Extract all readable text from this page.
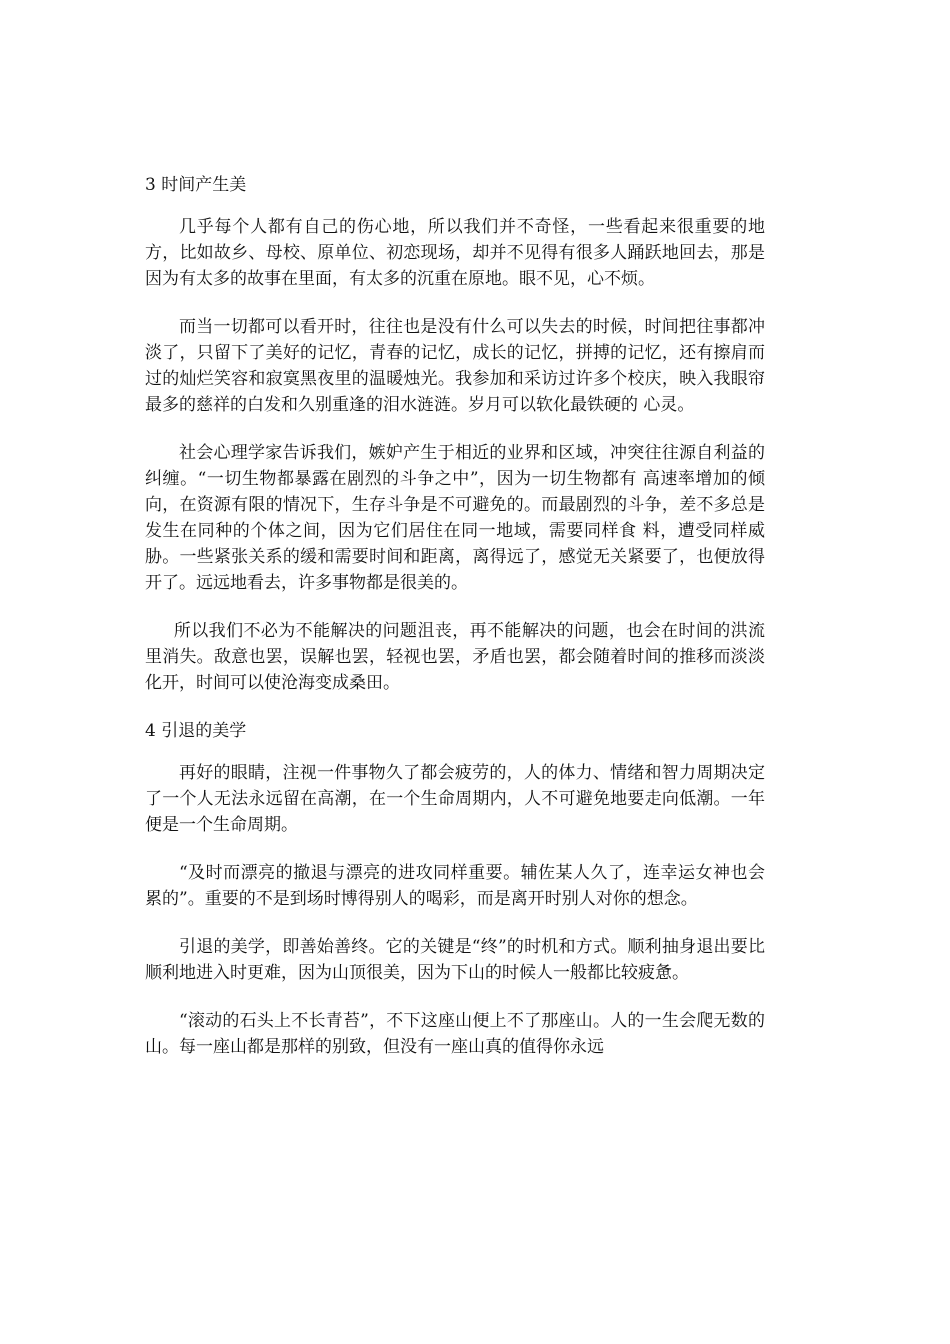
3 时间产生美

几乎每个人都有自己的伤心地，所以我们并不奇怪，一些看起来很重要的地方，比如故乡、母校、原单位、初恋现场，却并不见得有很多人踊跃地回去，那是因为有太多的故事在里面，有太多的沉重在原地。眼不见，心不烦。

而当一切都可以看开时，往往也是没有什么可以失去的时候，时间把往事都冲淡了，只留下了美好的记忆，青春的记忆，成长的记忆，拼搏的记忆，还有擦肩而过的灿烂笑容和寂寞黑夜里的温暖烛光。我参加和采访过许多个校庆，映入我眼帘最多的慈祥的白发和久别重逢的泪水涟涟。岁月可以软化最铁硬的 心灵。

社会心理学家告诉我们，嫉妒产生于相近的业界和区域，冲突往往源自利益的纠缠。“一切生物都暴露在剧烈的斗争之中”，因为一切生物都有 高速率增加的倾向，在资源有限的情况下，生存斗争是不可避免的。而最剧烈的斗争，差不多总是发生在同种的个体之间，因为它们居住在同一地域，需要同样食 料，遭受同样威胁。一些紧张关系的缓和需要时间和距离，离得远了，感觉无关紧要了，也便放得开了。远远地看去，许多事物都是很美的。

所以我们不必为不能解决的问题沮丧，再不能解决的问题，也会在时间的洪流里消失。敌意也罢，误解也罢，轻视也罢，矛盾也罢，都会随着时间的推移而淡淡化开，时间可以使沧海变成桑田。

4 引退的美学

再好的眼睛，注视一件事物久了都会疲劳的，人的体力、情绪和智力周期决定了一个人无法永远留在高潮，在一个生命周期内，人不可避免地要走向低潮。一年便是一个生命周期。

“及时而漂亮的撤退与漂亮的进攻同样重要。辅佐某人久了，连幸运女神也会累的”。重要的不是到场时博得别人的喝彩，而是离开时别人对你的想念。

引退的美学，即善始善终。它的关键是“终”的时机和方式。顺利抽身退出要比顺利地进入时更难，因为山顶很美，因为下山的时候人一般都比较疲惫。

“滚动的石头上不长青苔”，不下这座山便上不了那座山。人的一生会爬无数的山。每一座山都是那样的别致，但没有一座山真的值得你永远
